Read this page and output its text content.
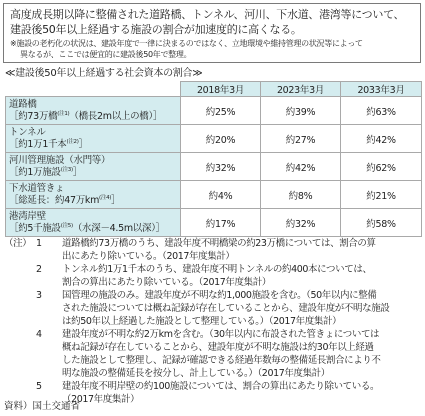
高度成長期以降に整備された道路橋、トンネル、河川、下水道、港湾等について、建設後50年以上経過する施設の割合が加速度的に高くなる。
※施設の老朽化の状況は、建設年度で一律に決まるのではなく、立地環境や維持管理の状況等によって
異なるが、ここでは便宜的に建設後50年で整理。
≪建設後50年以上経過する社会資本の割合≫
	2018年3月	2023年3月	2033年3月

道路橋
［約73万橋$^{(注1)}$（橋長2m以上の橋）］	約25%	約39%	約63%

トンネル
［約1万1千本$^{(注2)}$］	約20%	約27%	約42%

河川管理施設（水門等）
［約1万施設$^{(注3)}$］	約32%	約42%	約62%

下水道管きょ
［総延長：約47万$km^{(注4)}]$	約4%	約8%	約21%

港湾岸壁
［約5千施設$^{(注5)}$（水深－4.5m以深）］	約17%	約32%	約58%
（注） 1 道路橋約73万橋のうち、建設年度不明橋梁の約23万橋については、割合の算
出にあたり除いている。（2017年度集計）
2 トンネル約1万1千本のうち、建設年度不明トンネルの約400本については、
割合の算出にあたり除いている。（2017年度集計）
3 国管理の施設のみ。建設年度が不明な約1,000施設を含む。（50年以内に整備
された施設については概ね記録が存在していることから、建設年度が不明な施設
は約50年以上経過した施設として整理している。）（2017年度集計）
4 建設年度が不明な約2万kmを含む。（30年以内に布設された管きょについては
概ね記録が存在していることから、建設年度が不明な施設は約30年以上経過
した施設として整理し、記録が確認できる経過年数毎の整備延長割合により不
明な施設の整備延長を按分し、計上している。）（2017年度集計）
5 建設年度不明岸壁の約100施設については、割合の算出にあたり除いている。
（2017年度集計）
資料）国土交通省
